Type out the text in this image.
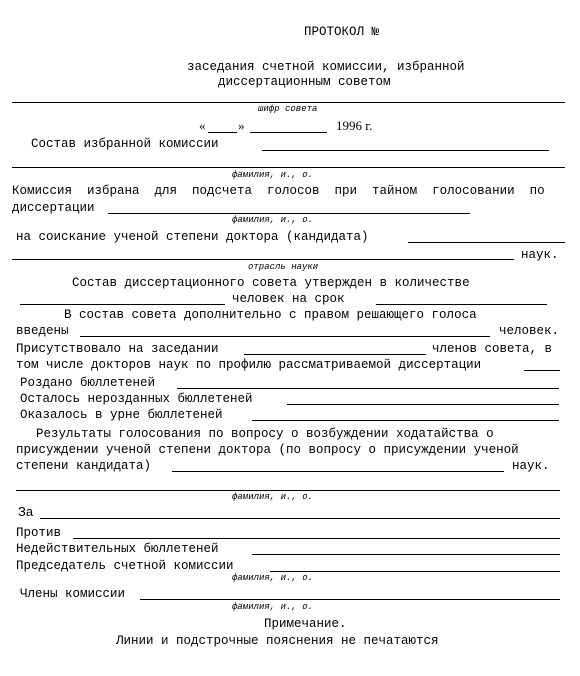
ПРОТОКОЛ №
заседания счетной комиссии, избранной
диссертационным советом
шифр совета
«	»	1996 г.
Состав избранной комиссии
фамилия, и., о.
Комиссия  избрана  для  подсчета  голосов  при  тайном  голосовании  по
диссертации
фамилия, и., о.
на соискание ученой степени доктора (кандидата)
наук.
отрасль науки
Состав диссертационного совета утвержден в количестве
человек на срок
В состав совета дополнительно с правом решающего голоса
введены	человек.
Присутствовало на заседании	членов совета, в
том числе докторов наук по профилю рассматриваемой диссертации
Роздано бюллетеней
Осталось нерозданных бюллетеней
Оказалось в урне бюллетеней
Результаты голосования по вопросу о возбуждении ходатайства о
присуждении ученой степени доктора (по вопросу о присуждении ученой
степени кандидата)	наук.
фамилия, и., о.
За
Против
Недействительных бюллетеней
Председатель счетной комиссии
фамилия, и., о.
Члены комиссии
фамилия, и., о.
Примечание.
Линии и подстрочные пояснения не печатаются
